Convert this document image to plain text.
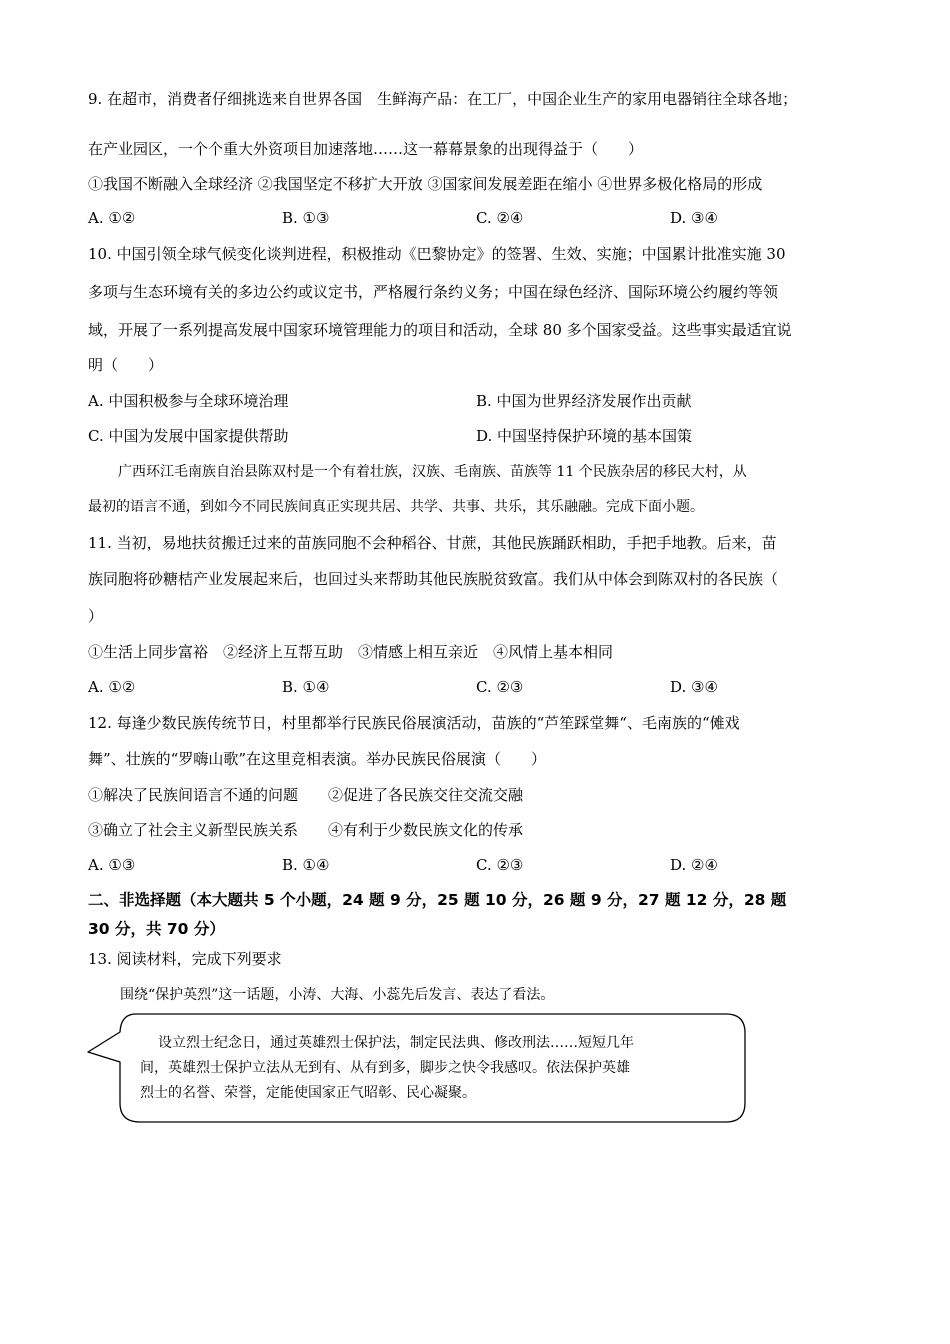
9. 在超市，消费者仔细挑选来自世界各国　生鲜海产品：在工厂，中国企业生产的家用电器销往全球各地；
在产业园区，一个个重大外资项目加速落地……这一幕幕景象的出现得益于（　　）
①我国不断融入全球经济 ②我国坚定不移扩大开放 ③国家间发展差距在缩小 ④世界多极化格局的形成
A. ①②	B. ①③	C. ②④	D. ③④
10. 中国引领全球气候变化谈判进程，积极推动《巴黎协定》的签署、生效、实施；中国累计批准实施 30
多项与生态环境有关的多边公约或议定书，严格履行条约义务；中国在绿色经济、国际环境公约履约等领
域，开展了一系列提高发展中国家环境管理能力的项目和活动，全球 80 多个国家受益。这些事实最适宜说
明（　　）
A. 中国积极参与全球环境治理	B. 中国为世界经济发展作出贡献
C. 中国为发展中国家提供帮助	D. 中国坚持保护环境的基本国策
广西环江毛南族自治县陈双村是一个有着壮族，汉族、毛南族、苗族等 11 个民族杂居的移民大村，从
最初的语言不通，到如今不同民族间真正实现共居、共学、共事、共乐，其乐融融。完成下面小题。
11. 当初，易地扶贫搬迁过来的苗族同胞不会种稻谷、甘蔗，其他民族踊跃相助，手把手地教。后来，苗
族同胞将砂糖桔产业发展起来后，也回过头来帮助其他民族脱贫致富。我们从中体会到陈双村的各民族（
）
①生活上同步富裕　②经济上互帮互助　③情感上相互亲近　④风情上基本相同
A. ①②	B. ①④	C. ②③	D. ③④
12. 每逢少数民族传统节日，村里都举行民族民俗展演活动，苗族的“芦笙踩堂舞“、毛南族的“傩戏
舞”、壮族的“罗嗨山歌”在这里竞相表演。举办民族民俗展演（　　）
①解决了民族间语言不通的问题　　②促进了各民族交往交流交融
③确立了社会主义新型民族关系　　④有利于少数民族文化的传承
A. ①③	B. ①④	C. ②③	D. ②④
二、非选择题（本大题共 5 个小题，24 题 9 分，25 题 10 分，26 题 9 分，27 题 12 分，28 题
30 分，共 70 分）
13. 阅读材料，完成下列要求
围绕“保护英烈”这一话题，小涛、大海、小蕊先后发言、表达了看法。
设立烈士纪念日，通过英雄烈士保护法，制定民法典、修改刑法……短短几年
间，英雄烈士保护立法从无到有、从有到多，脚步之快令我感叹。依法保护英雄
烈士的名誉、荣誉，定能使国家正气昭彰、民心凝聚。
